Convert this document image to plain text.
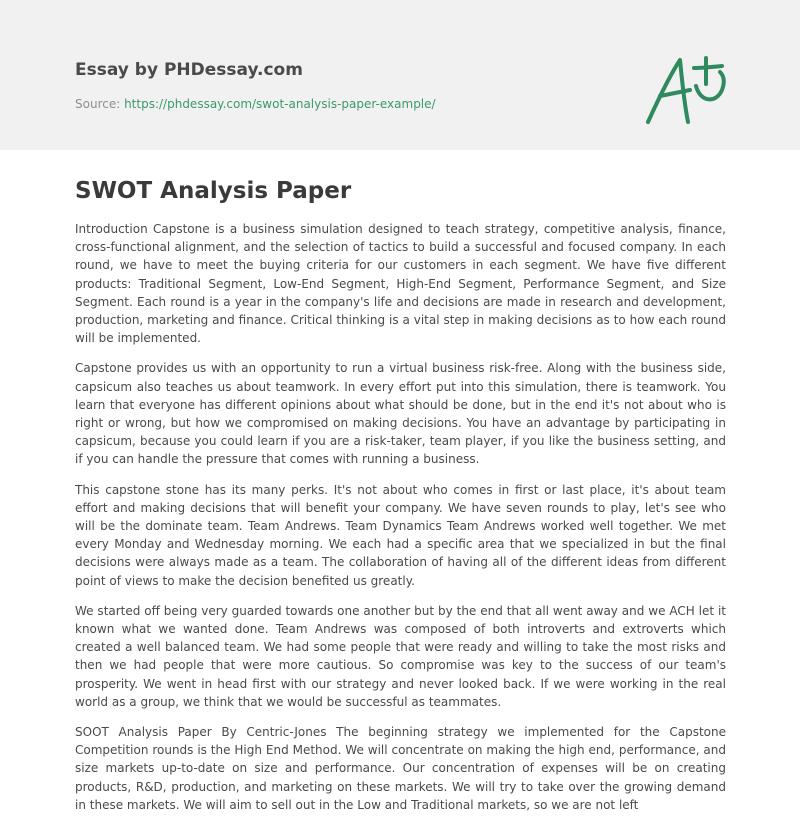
Essay by PHDessay.com
Source: https://phdessay.com/swot-analysis-paper-example/
SWOT Analysis Paper

Introduction Capstone is a business simulation designed to teach strategy, competitive analysis, finance, cross-functional alignment, and the selection of tactics to build a successful and focused company. In each round, we have to meet the buying criteria for our customers in each segment. We have five different products: Traditional Segment, Low-End Segment, High-End Segment, Performance Segment, and Size Segment. Each round is a year in the company's life and decisions are made in research and development, production, marketing and finance. Critical thinking is a vital step in making decisions as to how each round will be implemented.

Capstone provides us with an opportunity to run a virtual business risk-free. Along with the business side, capsicum also teaches us about teamwork. In every effort put into this simulation, there is teamwork. You learn that everyone has different opinions about what should be done, but in the end it's not about who is right or wrong, but how we compromised on making decisions. You have an advantage by participating in capsicum, because you could learn if you are a risk-taker, team player, if you like the business setting, and if you can handle the pressure that comes with running a business.

This capstone stone has its many perks. It's not about who comes in first or last place, it's about team effort and making decisions that will benefit your company. We have seven rounds to play, let's see who will be the dominate team. Team Andrews. Team Dynamics Team Andrews worked well together. We met every Monday and Wednesday morning. We each had a specific area that we specialized in but the final decisions were always made as a team. The collaboration of having all of the different ideas from different point of views to make the decision benefited us greatly.

We started off being very guarded towards one another but by the end that all went away and we ACH let it known what we wanted done. Team Andrews was composed of both introverts and extroverts which created a well balanced team. We had some people that were ready and willing to take the most risks and then we had people that were more cautious. So compromise was key to the success of our team's prosperity. We went in head first with our strategy and never looked back. If we were working in the real world as a group, we think that we would be successful as teammates.

SOOT Analysis Paper By Centric-Jones The beginning strategy we implemented for the Capstone Competition rounds is the High End Method. We will concentrate on making the high end, performance, and size markets up-to-date on size and performance. Our concentration of expenses will be on creating products, R&D, production, and marketing on these markets. We will try to take over the growing demand in these markets. We will aim to sell out in the Low and Traditional markets, so we are not left
